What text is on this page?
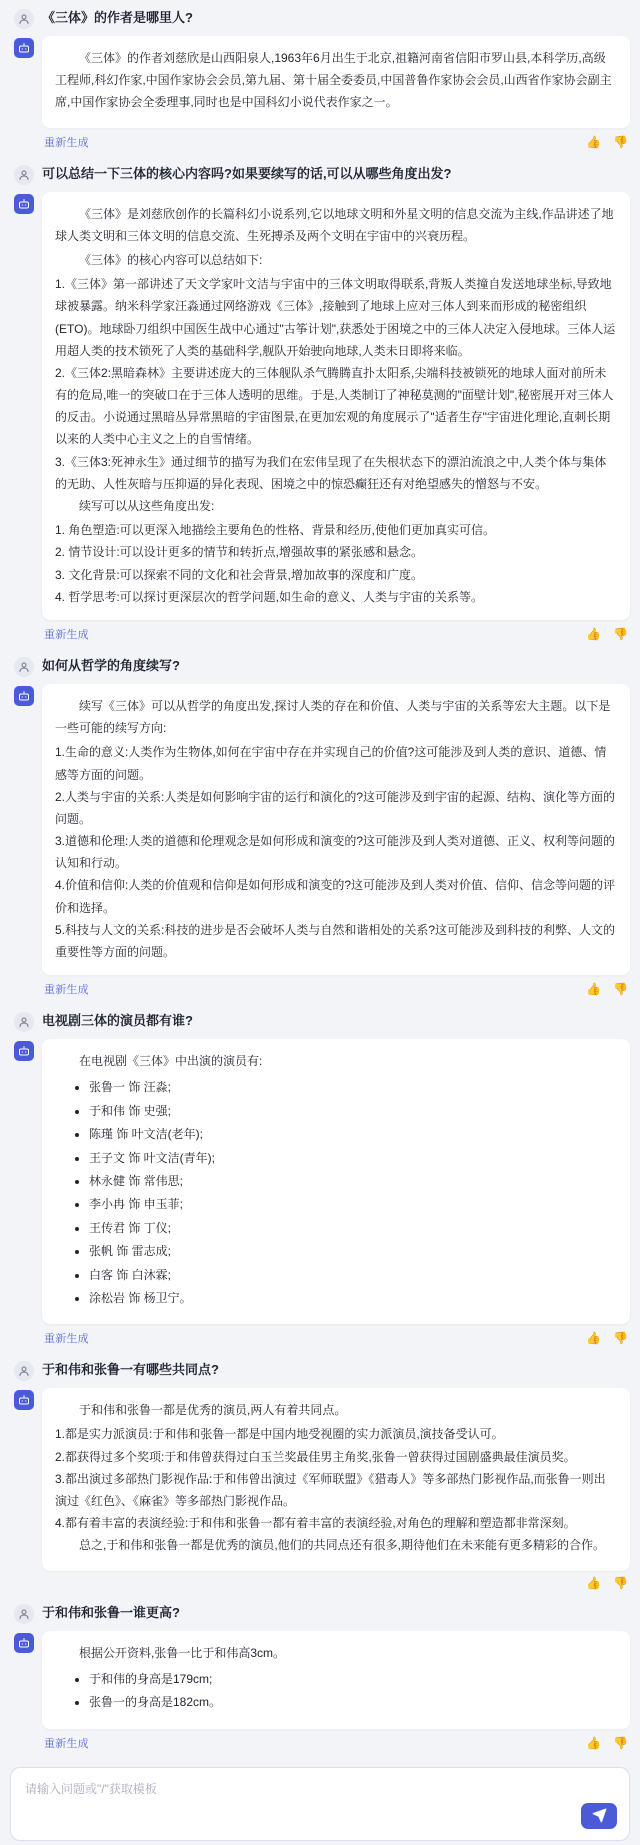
《三体》的作者是哪里人?

《三体》的作者刘慈欣是山西阳泉人,1963年6月出生于北京,祖籍河南省信阳市罗山县,本科学历,高级工程师,科幻作家,中国作家协会会员,第九届、第十届全委委员,中国普鲁作家协会会员,山西省作家协会副主席,中国作家协会全委理事,同时也是中国科幻小说代表作家之一。

重新生成	👍 👎
可以总结一下三体的核心内容吗?如果要续写的话,可以从哪些角度出发?

《三体》是刘慈欣创作的长篇科幻小说系列,它以地球文明和外星文明的信息交流为主线,作品讲述了地球人类文明和三体文明的信息交流、生死搏杀及两个文明在宇宙中的兴衰历程。

《三体》的核心内容可以总结如下:

1.《三体》第一部讲述了天文学家叶文洁与宇宙中的三体文明取得联系,背叛人类撞自发送地球坐标,导致地球被暴露。纳米科学家汪淼通过网络游戏《三体》,接触到了地球上应对三体人到来而形成的秘密组织(ETO)。地球卧刀组织中国医生战中心通过"古筝计划",获悉处于困境之中的三体人决定入侵地球。三体人运用超人类的技术锁死了人类的基础科学,舰队开始驶向地球,人类未日即将来临。

2.《三体2:黑暗森林》主要讲述庞大的三体舰队杀气腾腾直扑太阳系,尖端科技被锁死的地球人面对前所未有的危局,唯一的突破口在于三体人透明的思维。于是,人类制订了神秘莫测的"面壁计划",秘密展开对三体人的反击。小说通过黑暗丛异常黑暗的宇宙图景,在更加宏观的角度展示了"适者生存"宇宙进化理论,直刺长期以来的人类中心主义之上的自雪情绪。

3.《三体3:死神永生》通过细节的描写为我们在宏伟呈现了在失根状态下的漂泊流浪之中,人类个体与集体的无助、人性灰暗与压抑逼的异化表现、困境之中的惊恐癫狂还有对绝望感失的憎怒与不安。

续写可以从这些角度出发:

1. 角色塑造:可以更深入地描绘主要角色的性格、背景和经历,使他们更加真实可信。

2. 情节设计:可以设计更多的情节和转折点,增强故事的紧张感和悬念。

3. 文化背景:可以探索不同的文化和社会背景,增加故事的深度和广度。

4. 哲学思考:可以探讨更深层次的哲学问题,如生命的意义、人类与宇宙的关系等。

重新生成	👍 👎
如何从哲学的角度续写?

续写《三体》可以从哲学的角度出发,探讨人类的存在和价值、人类与宇宙的关系等宏大主题。以下是一些可能的续写方向:

1.生命的意义:人类作为生物体,如何在宇宙中存在并实现自己的价值?这可能涉及到人类的意识、道德、情感等方面的问题。

2.人类与宇宙的关系:人类是如何影响宇宙的运行和演化的?这可能涉及到宇宙的起源、结构、演化等方面的问题。

3.道德和伦理:人类的道德和伦理观念是如何形成和演变的?这可能涉及到人类对道德、正义、权利等问题的认知和行动。

4.价值和信仰:人类的价值观和信仰是如何形成和演变的?这可能涉及到人类对价值、信仰、信念等问题的评价和选择。

5.科技与人文的关系:科技的进步是否会破坏人类与自然和谐相处的关系?这可能涉及到科技的利弊、人文的重要性等方面的问题。

重新生成	👍 👎
电视剧三体的演员都有谁?

在电视剧《三体》中出演的演员有:

• 张鲁一 饰 汪淼;
• 于和伟 饰 史强;
• 陈瑾 饰 叶文洁(老年);
• 王子文 饰 叶文洁(青年);
• 林永健 饰 常伟思;
• 李小冉 饰 申玉菲;
• 王传君 饰 丁仪;
• 张帆 饰 雷志成;
• 白客 饰 白沐霖;
• 涂松岩 饰 杨卫宁。
重新生成	👍 👎
于和伟和张鲁一有哪些共同点?

于和伟和张鲁一都是优秀的演员,两人有着共同点。

1.都是实力派演员:于和伟和张鲁一都是中国内地受视圈的实力派演员,演技备受认可。

2.都获得过多个奖项:于和伟曾获得过白玉兰奖最佳男主角奖,张鲁一曾获得过国剧盛典最佳演员奖。

3.都出演过多部热门影视作品:于和伟曾出演过《军师联盟》《猎毒人》等多部热门影视作品,而张鲁一则出演过《红色》、《麻雀》等多部热门影视作品。

4.都有着丰富的表演经验:于和伟和张鲁一都有着丰富的表演经验,对角色的理解和塑造都非常深刻。

总之,于和伟和张鲁一都是优秀的演员,他们的共同点还有很多,期待他们在未来能有更多精彩的合作。

👍 👎
于和伟和张鲁一谁更高?

根据公开资料,张鲁一比于和伟高3cm。

• 于和伟的身高是179cm;
• 张鲁一的身高是182cm。
重新生成	👍 👎
请输入问题或"/"获取模板
